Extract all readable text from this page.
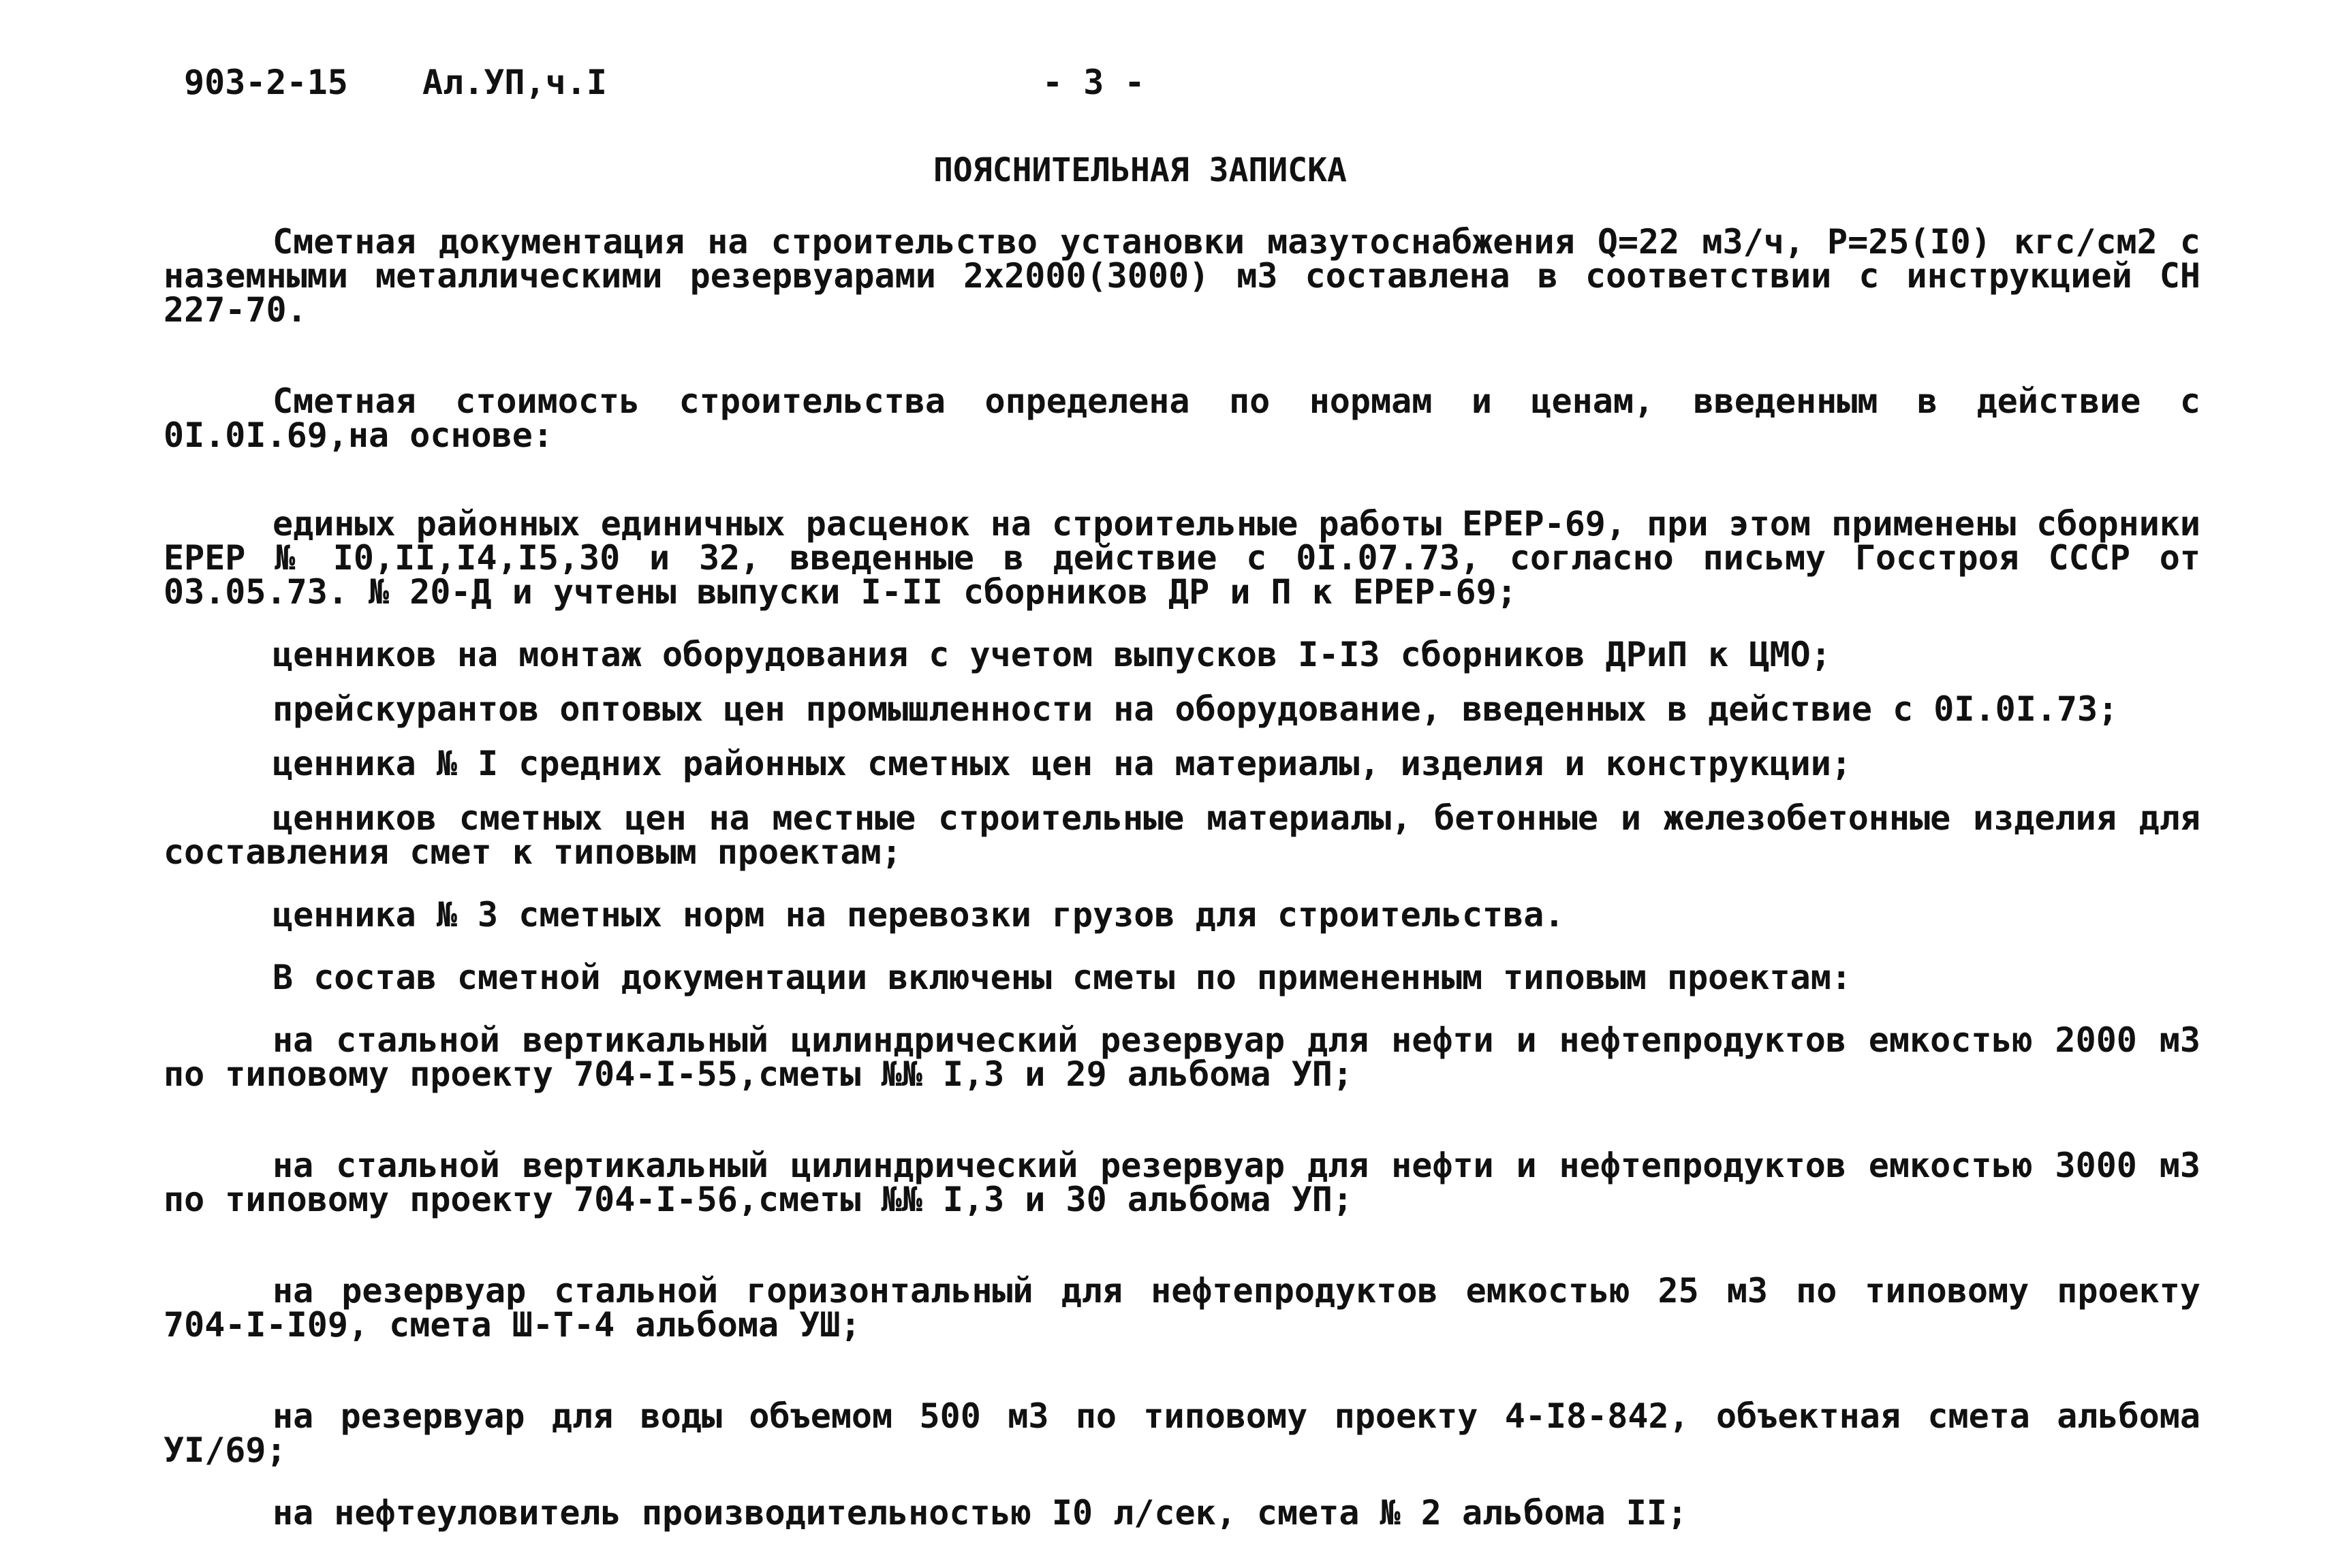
903-2-15 Ал.УП,ч.I	- 3 -
ПОЯСНИТЕЛЬНАЯ ЗАПИСКА

Сметная документация на строительство установки мазутоснабжения Q=22 м3/ч, P=25(I0) кгс/см2 с наземными металлическими резервуарами 2х2000(3000) м3 составлена в соответствии с инструкцией СН 227-70.

Сметная стоимость строительства определена по нормам и ценам, введенным в действие с 0I.0I.69,на основе:

единых районных единичных расценок на строительные работы ЕРЕР-69, при этом применены сборники ЕРЕР № I0,II,I4,I5,30 и 32, введенные в действие с 0I.07.73, согласно письму Госстроя СССР от 03.05.73. № 20-Д и учтены выпуски I-II сборников ДР и П к ЕРЕР-69;

ценников на монтаж оборудования с учетом выпусков I-I3 сборников ДРиП к ЦМО;

прейскурантов оптовых цен промышленности на оборудование, введенных в действие с 0I.0I.73;

ценника № I средних районных сметных цен на материалы, изделия и конструкции;

ценников сметных цен на местные строительные материалы, бетонные и железобетонные изделия для составления смет к типовым проектам;

ценника № 3 сметных норм на перевозки грузов для строительства.

В состав сметной документации включены сметы по примененным типовым проектам:

на стальной вертикальный цилиндрический резервуар для нефти и нефтепродуктов емкостью 2000 м3 по типовому проекту 704-I-55,сметы №№ I,3 и 29 альбома УП;

на стальной вертикальный цилиндрический резервуар для нефти и нефтепродуктов емкостью 3000 м3 по типовому проекту 704-I-56,сметы №№ I,3 и 30 альбома УП;

на резервуар стальной горизонтальный для нефтепродуктов емкостью 25 м3 по типовому проекту 704-I-I09, смета Ш-Т-4 альбома УШ;

на резервуар для воды объемом 500 м3 по типовому проекту 4-I8-842, объектная смета альбома УI/69;

на нефтеуловитель производительностью I0 л/сек, смета № 2 альбома II;
